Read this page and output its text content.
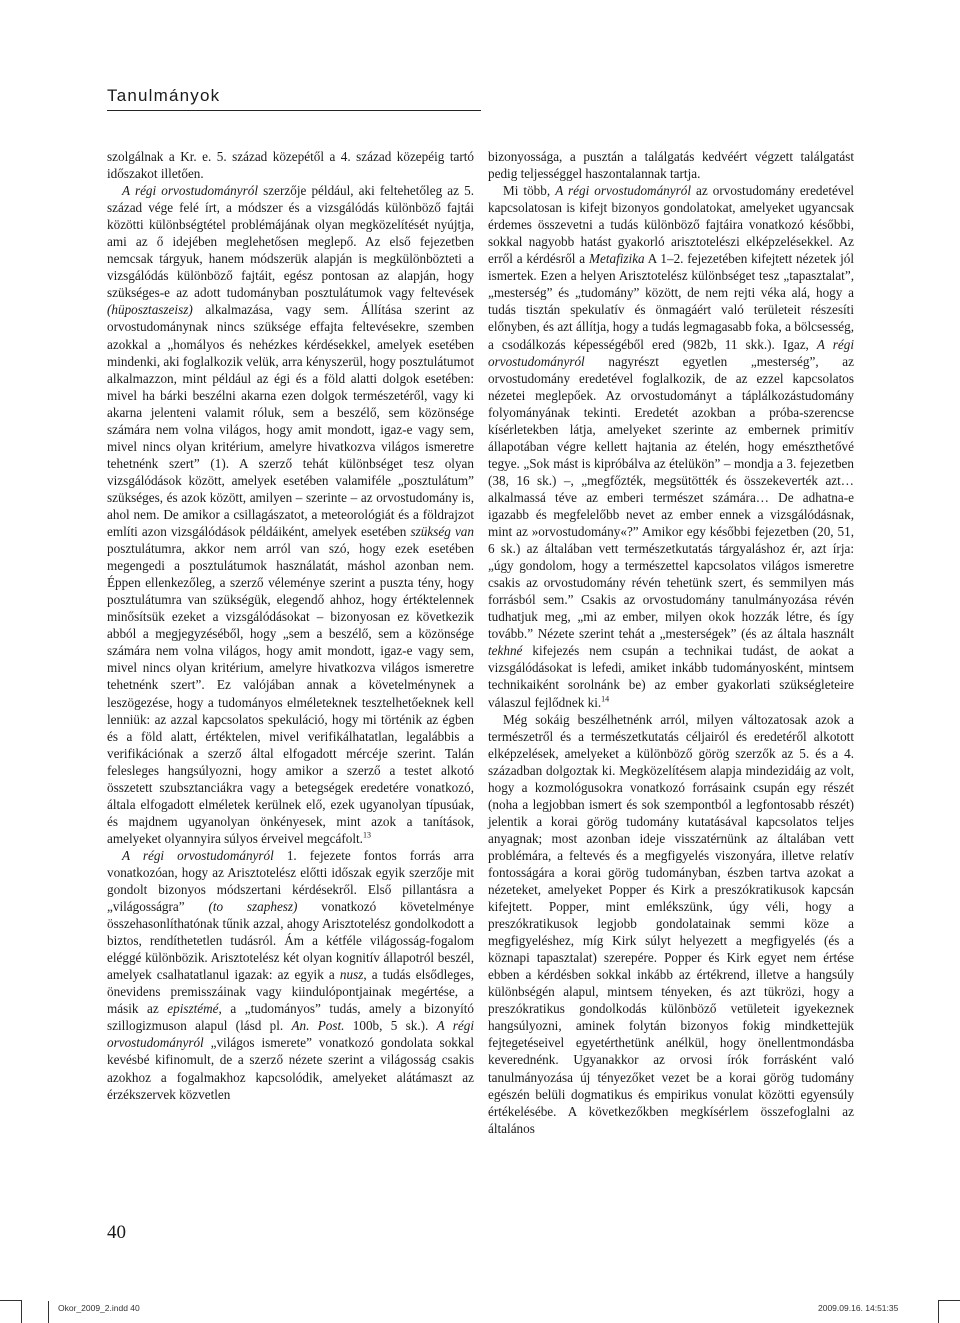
Tanulmányok

szolgálnak a Kr. e. 5. század közepétől a 4. század közepéig tartó időszakot illetően.

A régi orvostudományról szerzője például, aki feltehetőleg az 5. század vége felé írt, a módszer és a vizsgálódás különböző fajtái közötti különbségtétel problémájának olyan megközelítését nyújtja, ami az ő idejében meglehetősen meglepő. Az első fejezetben nemcsak tárgyuk, hanem módszerük alapján is megkülönbözteti a vizsgálódás különböző fajtáit, egész pontosan az alapján, hogy szükséges-e az adott tudományban posztulátumok vagy feltevések (hüposztaszeisz) alkalmazása, vagy sem. Állítása szerint az orvostudománynak nincs szüksége effajta feltevésekre, szemben azokkal a „homályos és nehézkes kérdésekkel, amelyek esetében mindenki, aki foglalkozik velük, arra kényszerül, hogy posztulátumot alkalmazzon, mint például az égi és a föld alatti dolgok esetében: mivel ha bárki beszélni akarna ezen dolgok természetéről, vagy ki akarna jelenteni valamit róluk, sem a beszélő, sem közönsége számára nem volna világos, hogy amit mondott, igaz-e vagy sem, mivel nincs olyan kritérium, amelyre hivatkozva világos ismeretre tehetnénk szert” (1). A szerző tehát különbséget tesz olyan vizsgálódások között, amelyek esetében valamiféle „posztulátum” szükséges, és azok között, amilyen – szerinte – az orvostudomány is, ahol nem. De amikor a csillagászatot, a meteorológiát és a földrajzot említi azon vizsgálódások példáiként, amelyek esetében szükség van posztulátumra, akkor nem arról van szó, hogy ezek esetében megengedi a posztulátumok használatát, máshol azonban nem. Éppen ellenkezőleg, a szerző véleménye szerint a puszta tény, hogy posztulátumra van szükségük, elegendő ahhoz, hogy értéktelennek minősítsük ezeket a vizsgálódásokat – bizonyosan ez következik abból a megjegyzéséből, hogy „sem a beszélő, sem a közönsége számára nem volna világos, hogy amit mondott, igaz-e vagy sem, mivel nincs olyan kritérium, amelyre hivatkozva világos ismeretre tehetnénk szert”. Ez valójában annak a követelménynek a leszögezése, hogy a tudományos elméleteknek tesztelhetőeknek kell lenniük: az azzal kapcsolatos spekuláció, hogy mi történik az égben és a föld alatt, értéktelen, mivel verifikálhatatlan, legalábbis a verifikációnak a szerző által elfogadott mércéje szerint. Talán felesleges hangsúlyozni, hogy amikor a szerző a testet alkotó összetett szubsztanciákra vagy a betegségek eredetére vonatkozó, általa elfogadott elméletek kerülnek elő, ezek ugyanolyan típusúak, és majdnem ugyanolyan önkényesek, mint azok a tanítások, amelyeket olyannyira súlyos érveivel megcáfolt.$^{13}$

A régi orvostudományról 1. fejezete fontos forrás arra vonatkozóan, hogy az Arisztotelész előtti időszak egyik szerzője mit gondolt bizonyos módszertani kérdésekről. Első pillantásra a „világosságra” (to szaphesz) vonatkozó követelménye összehasonlíthatónak tűnik azzal, ahogy Arisztotelész gondolkodott a biztos, rendíthetetlen tudásról. Ám a kétféle világosság-fogalom eléggé különbözik. Arisztotelész két olyan kognitív állapotról beszél, amelyek csalhatatlanul igazak: az egyik a nusz, a tudás elsődleges, önevidens premisszáinak vagy kiindulópontjainak megértése, a másik az episztémé, a „tudományos” tudás, amely a bizonyító szillogizmuson alapul (lásd pl. An. Post. 100b, 5 sk.). A régi orvostudományról „világos ismerete” vonatkozó gondolata sokkal kevésbé kifinomult, de a szerző nézete szerint a világosság csakis azokhoz a fogalmakhoz kapcsolódik, amelyeket alátámaszt az érzékszervek közvetlen

bizonyossága, a pusztán a találgatás kedvéért végzett találgatást pedig teljességgel haszontalannak tartja.

Mi több, A régi orvostudományról az orvostudomány eredetével kapcsolatosan is kifejt bizonyos gondolatokat, amelyeket ugyancsak érdemes összevetni a tudás különböző fajtáira vonatkozó későbbi, sokkal nagyobb hatást gyakorló arisztotelészi elképzelésekkel. Az erről a kérdésről a Metafizika A 1–2. fejezetében kifejtett nézetek jól ismertek. Ezen a helyen Arisztotelész különbséget tesz „tapasztalat”, „mesterség” és „tudomány” között, de nem rejti véka alá, hogy a tudás tisztán spekulatív és önmagáért való területeit részesíti előnyben, és azt állítja, hogy a tudás legmagasabb foka, a bölcsesség, a csodálkozás képességéből ered (982b, 11 skk.). Igaz, A régi orvostudományról nagyrészt egyetlen „mesterség”, az orvostudomány eredetével foglalkozik, de az ezzel kapcsolatos nézetei meglepőek. Az orvostudományt a táplálkozástudomány folyományának tekinti. Eredetét azokban a próba-szerencse kísérletekben látja, amelyeket szerinte az embernek primitív állapotában végre kellett hajtania az ételén, hogy emészthetővé tegye. „Sok mást is kipróbálva az ételükön” – mondja a 3. fejezetben (38, 16 sk.) –, „megfőzték, megsütötték és összekeverték azt… alkalmassá téve az emberi természet számára… De adhatna-e igazabb és megfelelőbb nevet az ember ennek a vizsgálódásnak, mint az »orvostudomány«?” Amikor egy későbbi fejezetben (20, 51, 6 sk.) az általában vett természetkutatás tárgyaláshoz ér, azt írja: „úgy gondolom, hogy a természettel kapcsolatos világos ismeretre csakis az orvostudomány révén tehetünk szert, és semmilyen más forrásból sem.” Csakis az orvostudomány tanulmányozása révén tudhatjuk meg, „mi az ember, milyen okok hozzák létre, és így tovább.” Nézete szerint tehát a „mesterségek” (és az általa használt tekhné kifejezés nem csupán a technikai tudást, de aokat a vizsgálódásokat is lefedi, amiket inkább tudományosként, mintsem technikaiként sorolnánk be) az ember gyakorlati szükségleteire válaszul fejlődnek ki.$^{14}$

Még sokáig beszélhetnénk arról, milyen változatosak azok a természetről és a természetkutatás céljairól és eredetéről alkotott elképzelések, amelyeket a különböző görög szerzők az 5. és a 4. században dolgoztak ki. Megközelítésem alapja mindezidáig az volt, hogy a kozmológusokra vonatkozó forrásaink csupán egy részét (noha a legjobban ismert és sok szempontból a legfontosabb részét) jelentik a korai görög tudomány kutatásával kapcsolatos teljes anyagnak; most azonban ideje visszatérnünk az általában vett problémára, a feltevés és a megfigyelés viszonyára, illetve relatív fontosságára a korai görög tudományban, észben tartva azokat a nézeteket, amelyeket Popper és Kirk a preszókratikusok kapcsán kifejtett. Popper, mint emlékszünk, úgy véli, hogy a preszókratikusok legjobb gondolatainak semmi köze a megfigyeléshez, míg Kirk súlyt helyezett a megfigyelés (és a köznapi tapasztalat) szerepére. Popper és Kirk egyet nem értése ebben a kérdésben sokkal inkább az értékrend, illetve a hangsúly különbségén alapul, mintsem tényeken, és azt tükrözi, hogy a preszókratikus gondolkodás különböző vetületeit igyekeznek hangsúlyozni, aminek folytán bizonyos fokig mindkettejük fejtegetéseivel egyetérthetünk anélkül, hogy önellentmondásba keverednénk. Ugyanakkor az orvosi írók forrásként való tanulmányozása új tényezőket vezet be a korai görög tudomány egészén belüli dogmatikus és empirikus vonulat közötti egyensúly értékelésébe. A következőkben megkísérlem összefoglalni az általános

40
Okor_2009_2.indd 40	2009.09.16. 14:51:35
